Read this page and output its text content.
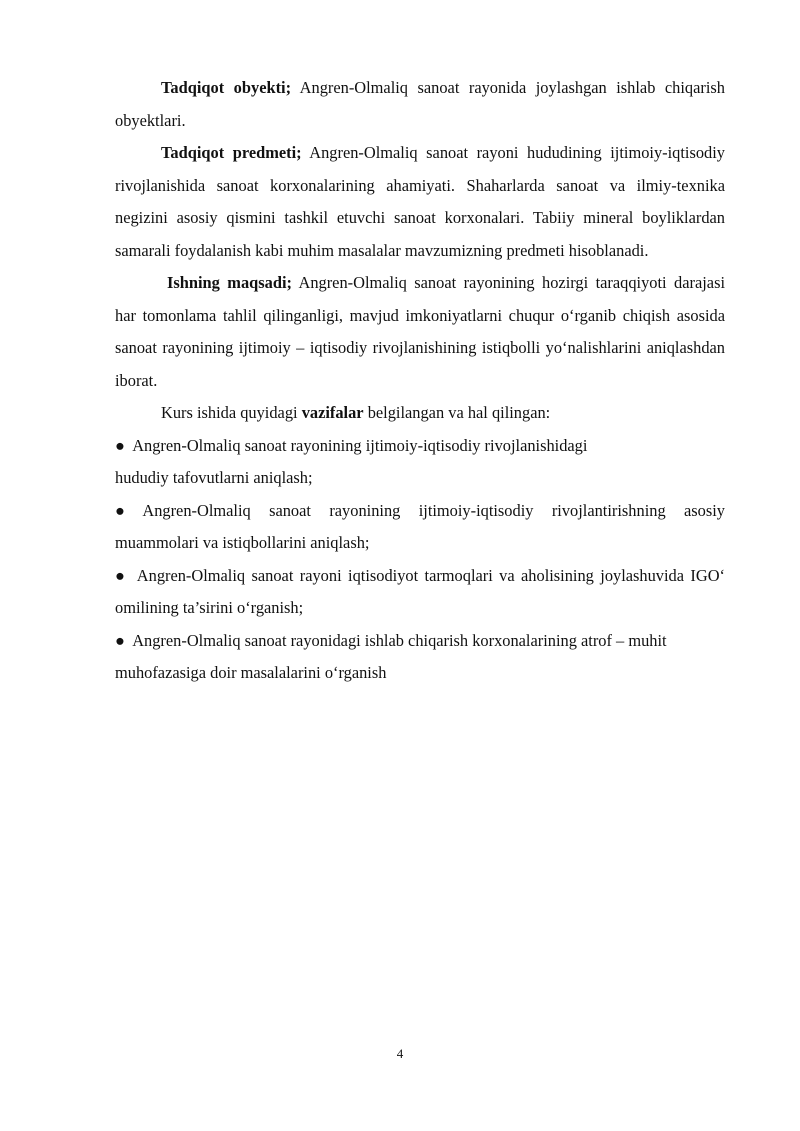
Tadqiqot obyekti; Angren-Olmaliq sanoat rayonida joylashgan ishlab chiqarish obyektlari.

Tadqiqot predmeti; Angren-Olmaliq sanoat rayoni hududining ijtimoiy-iqtisodiy rivojlanishida sanoat korxonalarining ahamiyati. Shaharlarda sanoat va ilmiy-texnika negizini asosiy qismini tashkil etuvchi sanoat korxonalari. Tabiiy mineral boyliklardan samarali foydalanish kabi muhim masalalar mavzumizning predmeti hisoblanadi.

Ishning maqsadi; Angren-Olmaliq sanoat rayonining hozirgi taraqqiyoti darajasi har tomonlama tahlil qilinganligi, mavjud imkoniyatlarni chuqur o‘rganib chiqish asosida sanoat rayonining ijtimoiy – iqtisodiy rivojlanishining istiqbolli yo‘nalishlarini aniqlashdan iborat.

Kurs ishida quyidagi vazifalar belgilangan va hal qilingan:

● Angren-Olmaliq sanoat rayonining ijtimoiy-iqtisodiy rivojlanishidagi
hududiy tafovutlarni aniqlash;

● Angren-Olmaliq sanoat rayonining ijtimoiy-iqtisodiy rivojlantirishning asosiy muammolari va istiqbollarini aniqlash;

● Angren-Olmaliq sanoat rayoni iqtisodiyot tarmoqlari va aholisining joylashuvida IGO‘ omilining ta’sirini o‘rganish;

● Angren-Olmaliq sanoat rayonidagi ishlab chiqarish korxonalarining atrof – muhit muhofazasiga doir masalalarini o‘rganish

4
